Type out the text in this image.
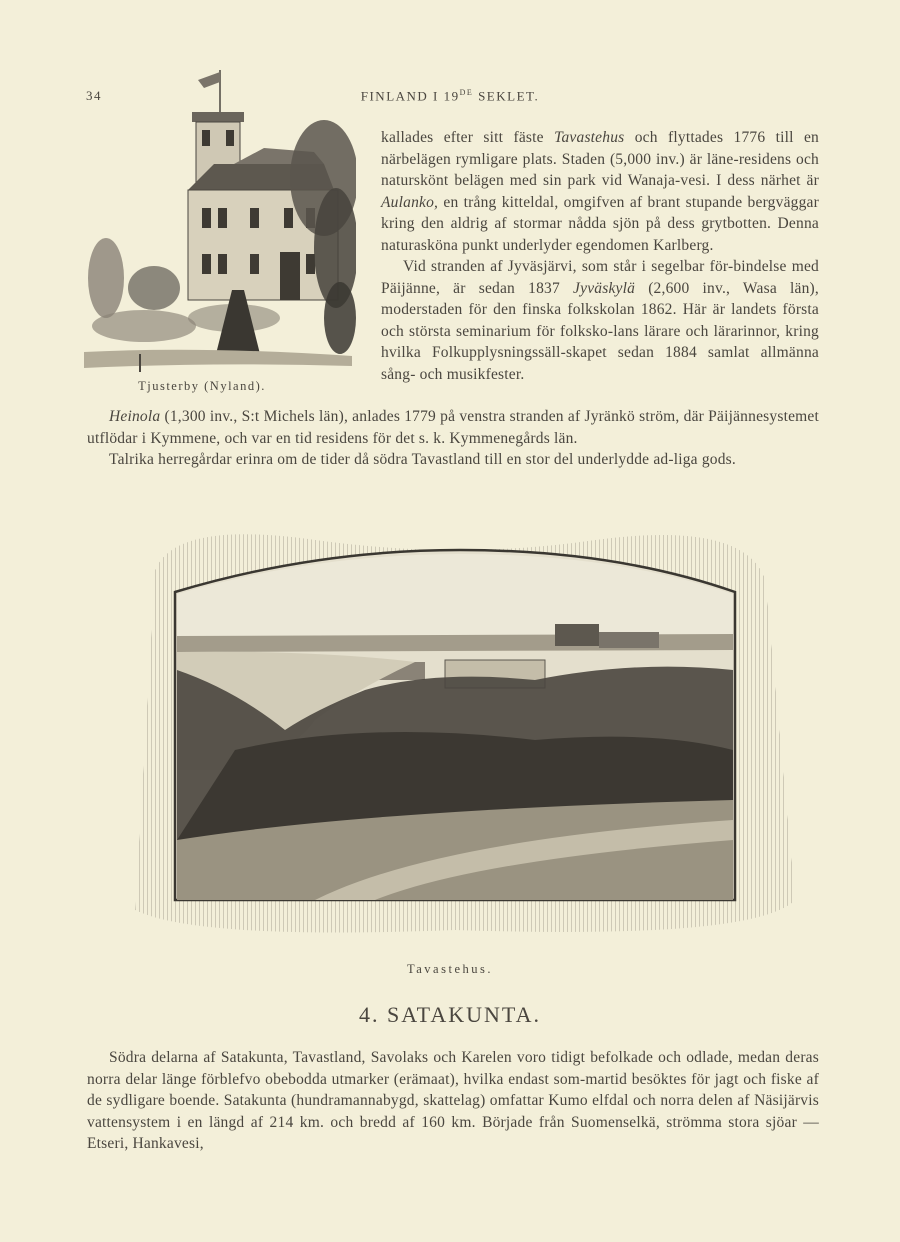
34	FINLAND I 19DE SEKLET.
Tjusterby (Nyland).

kallades efter sitt fäste Tavastehus och flyttades 1776 till en närbelägen rymligare plats. Staden (5,000 inv.) är läne-residens och naturskönt belägen med sin park vid Wanaja-vesi. I dess närhet är Aulanko, en trång kitteldal, omgifven af brant stupande bergväggar kring den aldrig af stormar nådda sjön på dess grytbotten. Denna naturasköna punkt underlyder egendomen Karlberg.

Vid stranden af Jyväsjärvi, som står i segelbar för-bindelse med Päijänne, är sedan 1837 Jyväskylä (2,600 inv., Wasa län), moderstaden för den finska folkskolan 1862. Här är landets första och största seminarium för folksko-lans lärare och lärarinnor, kring hvilka Folkupplysningssäll-skapet sedan 1884 samlat allmänna sång- och musikfester.

Heinola (1,300 inv., S:t Michels län), anlades 1779 på venstra stranden af Jyränkö ström, där Päijännesystemet utflödar i Kymmene, och var en tid residens för det s. k. Kymmenegårds län.

Talrika herregårdar erinra om de tider då södra Tavastland till en stor del underlydde ad-liga gods.

Tavastehus.
4. SATAKUNTA.

Södra delarna af Satakunta, Tavastland, Savolaks och Karelen voro tidigt befolkade och odlade, medan deras norra delar länge förblefvo obebodda utmarker (erämaat), hvilka endast som-martid besöktes för jagt och fiske af de sydligare boende. Satakunta (hundramannabygd, skattelag) omfattar Kumo elfdal och norra delen af Näsijärvis vattensystem i en längd af 214 km. och bredd af 160 km. Började från Suomenselkä, strömma stora sjöar — Etseri, Hankavesi,
